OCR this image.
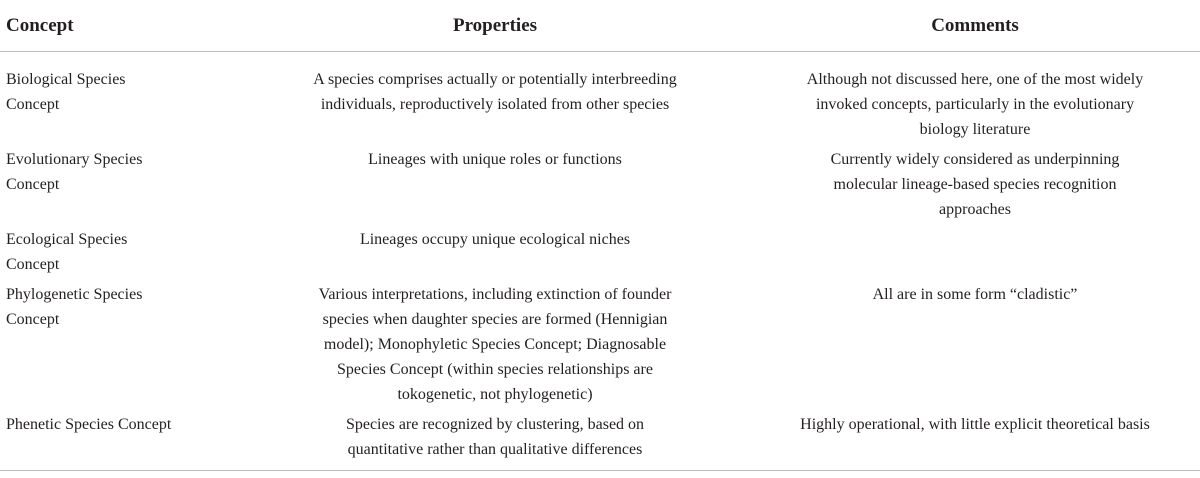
Concept	Properties	Comments

Biological Species Concept	A species comprises actually or potentially interbreeding individuals, reproductively isolated from other species	Although not discussed here, one of the most widely invoked concepts, particularly in the evolutionary biology literature

Evolutionary Species Concept	Lineages with unique roles or functions	Currently widely considered as underpinning molecular lineage-based species recognition approaches

Ecological Species Concept	Lineages occupy unique ecological niches	

Phylogenetic Species Concept	Various interpretations, including extinction of founder species when daughter species are formed (Hennigian model); Monophyletic Species Concept; Diagnosable Species Concept (within species relationships are tokogenetic, not phylogenetic)	All are in some form “cladistic”

Phenetic Species Concept	Species are recognized by clustering, based on quantitative rather than qualitative differences	Highly operational, with little explicit theoretical basis
